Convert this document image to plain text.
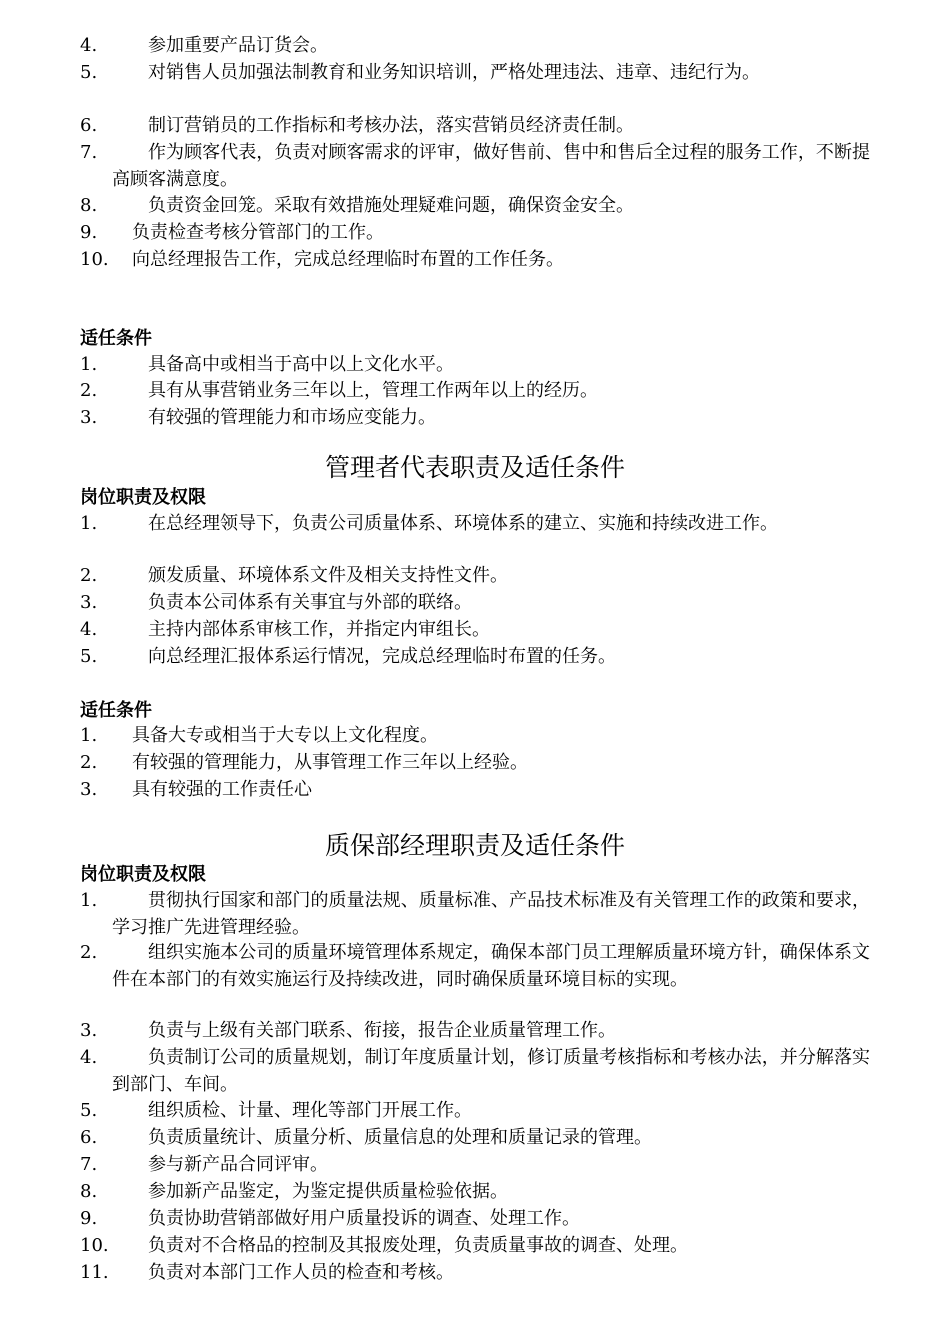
4.	参加重要产品订货会。
5.	对销售人员加强法制教育和业务知识培训，严格处理违法、违章、违纪行为。
6.	制订营销员的工作指标和考核办法，落实营销员经济责任制。
7.	作为顾客代表，负责对顾客需求的评审，做好售前、售中和售后全过程的服务工作，不断提高顾客满意度。
8.	负责资金回笼。采取有效措施处理疑难问题，确保资金安全。
9.	负责检查考核分管部门的工作。
10.	向总经理报告工作，完成总经理临时布置的工作任务。
适任条件
1.	具备高中或相当于高中以上文化水平。
2.	具有从事营销业务三年以上，管理工作两年以上的经历。
3.	有较强的管理能力和市场应变能力。
管理者代表职责及适任条件
岗位职责及权限
1.	在总经理领导下，负责公司质量体系、环境体系的建立、实施和持续改进工作。
2.	颁发质量、环境体系文件及相关支持性文件。
3.	负责本公司体系有关事宜与外部的联络。
4.	主持内部体系审核工作，并指定内审组长。
5.	向总经理汇报体系运行情况，完成总经理临时布置的任务。
适任条件
1.	具备大专或相当于大专以上文化程度。
2.	有较强的管理能力，从事管理工作三年以上经验。
3.	具有较强的工作责任心
质保部经理职责及适任条件
岗位职责及权限
1.	贯彻执行国家和部门的质量法规、质量标准、产品技术标准及有关管理工作的政策和要求，学习推广先进管理经验。
2.	组织实施本公司的质量环境管理体系规定，确保本部门员工理解质量环境方针，确保体系文件在本部门的有效实施运行及持续改进，同时确保质量环境目标的实现。
3.	负责与上级有关部门联系、衔接，报告企业质量管理工作。
4.	负责制订公司的质量规划，制订年度质量计划，修订质量考核指标和考核办法，并分解落实到部门、车间。
5.	组织质检、计量、理化等部门开展工作。
6.	负责质量统计、质量分析、质量信息的处理和质量记录的管理。
7.	参与新产品合同评审。
8.	参加新产品鉴定，为鉴定提供质量检验依据。
9.	负责协助营销部做好用户质量投诉的调查、处理工作。
10.	负责对不合格品的控制及其报废处理，负责质量事故的调查、处理。
11.	负责对本部门工作人员的检查和考核。
